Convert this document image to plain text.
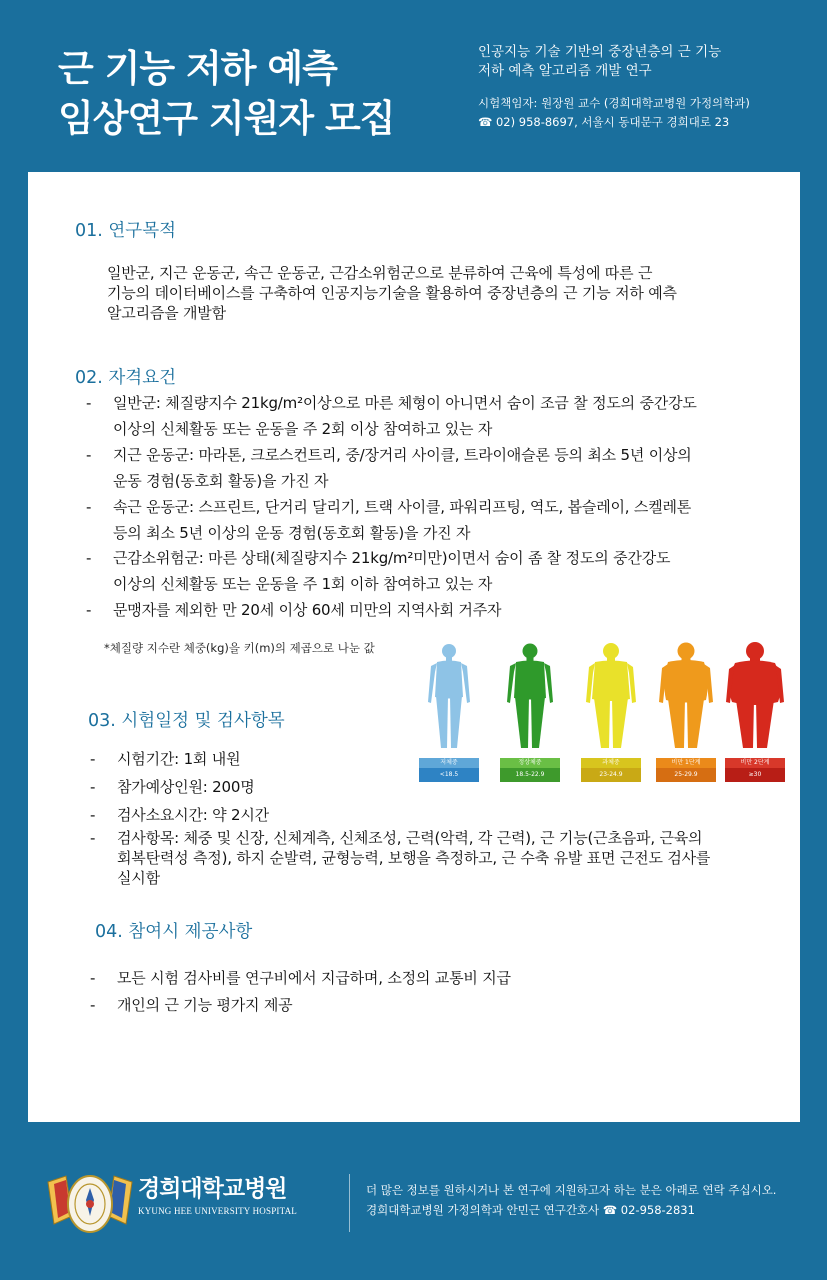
근 기능 저하 예측
임상연구 지원자 모집
인공지능 기술 기반의 중장년층의 근 기능
저하 예측 알고리즘 개발 연구
시험책임자: 원장원 교수 (경희대학교병원 가정의학과)
☎ 02) 958-8697, 서울시 동대문구 경희대로 23
01. 연구목적
일반군, 지근 운동군, 속근 운동군, 근감소위험군으로 분류하여 근육에 특성에 따른 근
기능의 데이터베이스를 구축하여 인공지능기술을 활용하여 중장년층의 근 기능 저하 예측
알고리즘을 개발함
02. 자격요건
- 일반군: 체질량지수 21kg/m²이상으로 마른 체형이 아니면서 숨이 조금 찰 정도의 중간강도
이상의 신체활동 또는 운동을 주 2회 이상 참여하고 있는 자
- 지근 운동군: 마라톤, 크로스컨트리, 중/장거리 사이클, 트라이애슬론 등의 최소 5년 이상의
운동 경험(동호회 활동)을 가진 자
- 속근 운동군: 스프린트, 단거리 달리기, 트랙 사이클, 파워리프팅, 역도, 봅슬레이, 스켈레톤
등의 최소 5년 이상의 운동 경험(동호회 활동)을 가진 자
- 근감소위험군: 마른 상태(체질량지수 21kg/m²미만)이면서 숨이 좀 찰 정도의 중간강도
이상의 신체활동 또는 운동을 주 1회 이하 참여하고 있는 자
- 문맹자를 제외한 만 20세 이상 60세 미만의 지역사회 거주자
*체질량 지수란 체중(kg)을 키(m)의 제곱으로 나눈 값
저체중
<18.5
정상체중
18.5-22.9
과체중
23-24.9
비만 1단계
25-29.9
비만 2단계
≥30
03. 시험일정 및 검사항목
- 시험기간: 1회 내원
- 참가예상인원: 200명
- 검사소요시간: 약 2시간
- 검사항목: 체중 및 신장, 신체계측, 신체조성, 근력(악력, 각 근력), 근 기능(근초음파, 근육의
회복탄력성 측정), 하지 순발력, 균형능력, 보행을 측정하고, 근 수축 유발 표면 근전도 검사를
실시함
04. 참여시 제공사항
- 모든 시험 검사비를 연구비에서 지급하며, 소정의 교통비 지급
- 개인의 근 기능 평가지 제공
경희대학교병원
KYUNG HEE UNIVERSITY HOSPITAL
더 많은 정보를 원하시거나 본 연구에 지원하고자 하는 분은 아래로 연락 주십시오.
경희대학교병원 가정의학과 안민근 연구간호사 ☎ 02-958-2831
